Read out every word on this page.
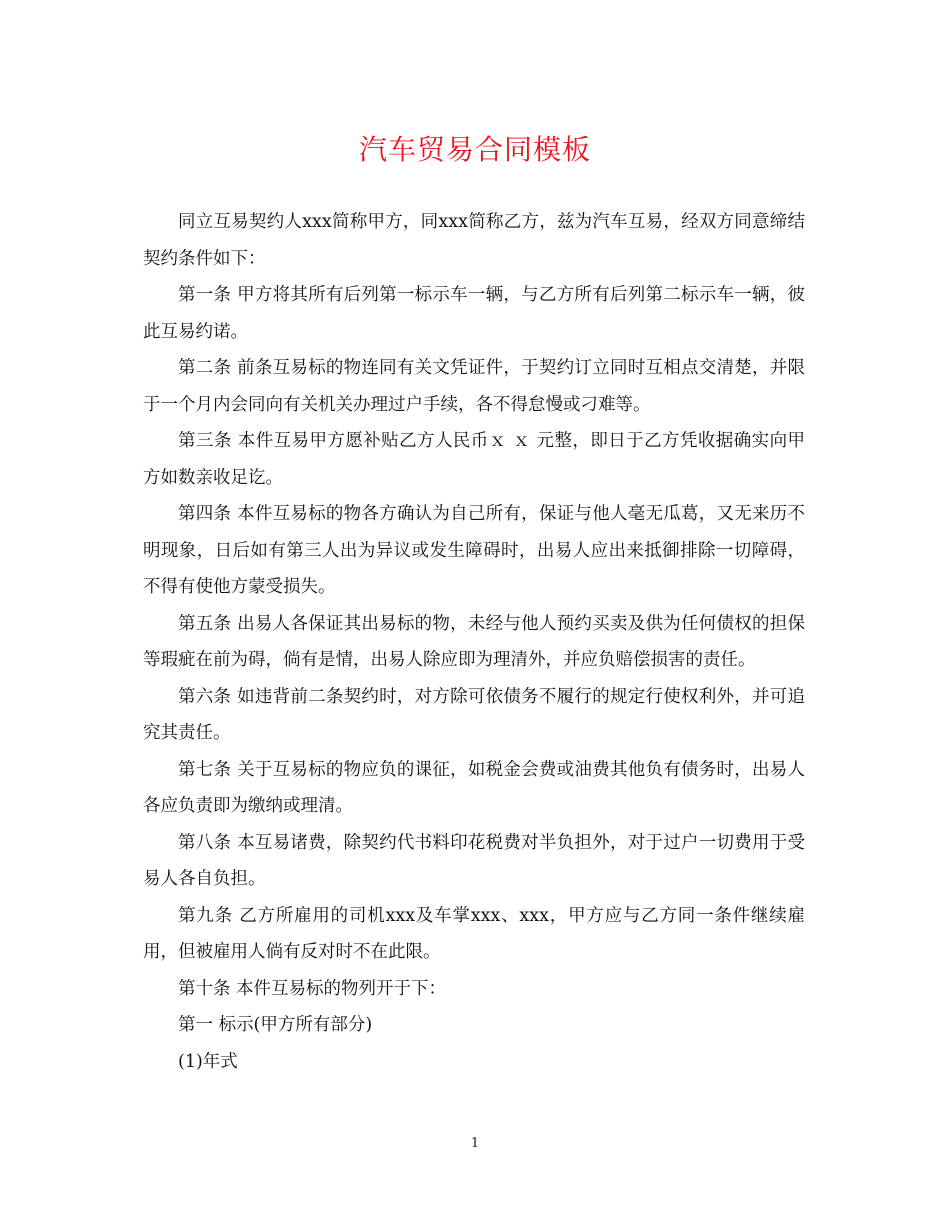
汽车贸易合同模板

同立互易契约人xxx简称甲方，同xxx简称乙方，兹为汽车互易，经双方同意缔结契约条件如下：

第一条 甲方将其所有后列第一标示车一辆，与乙方所有后列第二标示车一辆，彼此互易约诺。

第二条 前条互易标的物连同有关文凭证件，于契约订立同时互相点交清楚，并限于一个月内会同向有关机关办理过户手续，各不得怠慢或刁难等。

第三条 本件互易甲方愿补贴乙方人民币ｘ ｘ 元整，即日于乙方凭收据确实向甲方如数亲收足讫。

第四条 本件互易标的物各方确认为自己所有，保证与他人毫无瓜葛，又无来历不明现象，日后如有第三人出为异议或发生障碍时，出易人应出来抵御排除一切障碍，不得有使他方蒙受损失。

第五条 出易人各保证其出易标的物，未经与他人预约买卖及供为任何债权的担保等瑕疵在前为碍，倘有是情，出易人除应即为理清外，并应负赔偿损害的责任。

第六条 如违背前二条契约时，对方除可依债务不履行的规定行使权利外，并可追究其责任。

第七条 关于互易标的物应负的课征，如税金会费或油费其他负有债务时，出易人各应负责即为缴纳或理清。

第八条 本互易诸费，除契约代书料印花税费对半负担外，对于过户一切费用于受易人各自负担。

第九条 乙方所雇用的司机xxx及车掌xxx、xxx，甲方应与乙方同一条件继续雇用，但被雇用人倘有反对时不在此限。

第十条 本件互易标的物列开于下：

第一 标示(甲方所有部分)

(1)年式

1
